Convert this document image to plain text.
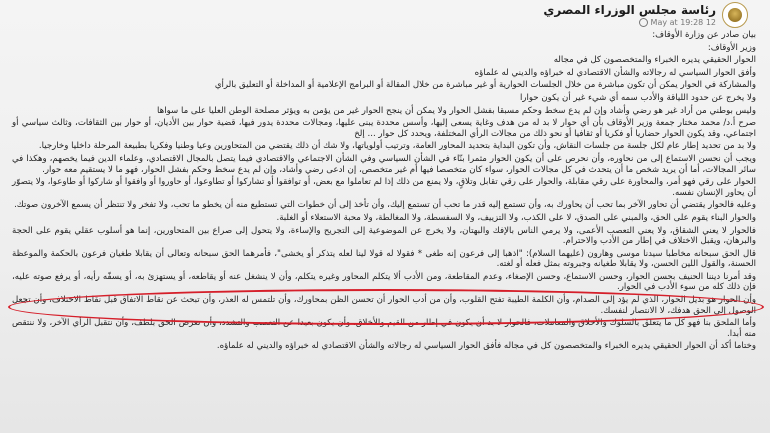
رئاسة مجلس الوزراء المصري
12 May at 19:28

بيان صادر عن وزارة الأوقاف:

وزير الأوقاف:

الحوار الحقيقي يديره الخبراء والمتخصصون كل في مجاله

وأفق الحوار السياسي له رجالاته والشأن الاقتصادي له خبراؤه والديني له علماؤه

والمشاركة في الحوار يمكن أن تكون مباشرة من خلال الجلسات الحوارية أو غير مباشرة من خلال المقالة أو البرامج الإعلامية أو المداخلة أو التعليق بالرأي

ولا يخرج عن حدود اللياقة والأدب سمه أي شيء غير أن يكون حوارا

وليس بوطني من أراد غير هو رضي وأشاد وإن لم يدع سخط وحكم مسبقا بفشل الحوار ولا يمكن أن ينجح الحوار غير من يؤمن به ويؤثر مصلحة الوطن العليا على ما سواها

صرح أ.د/ محمد مختار جمعة وزير الأوقاف بأن أي حوار لا بد له من هدف وغاية يسعى إليها، وأسس محددة يبنى عليها، ومجالات محددة يدور فيها، قضية حوار بين الأديان، أو حوار بين الثقافات، وثالث سياسي أو اجتماعي، وقد يكون الحوار حضاريا أو فكريا أو ثقافيا أو نحو ذلك من مجالات الرأي المختلفة، ويحدد كل حوار ... إلخ

ولا بد من تحديد إطار عام لكل جلسة من جلسات النقاش، وأن تكون البداية بتحديد المحاور العامة، وترتيب أولوياتها، ولا شك أن ذلك يقتضي من المتحاورين وعيا وطنيا وفكريا بطبيعة المرحلة داخليا وخارجيا.

ويجب أن نحسن الاستماع إلى من نحاوره، وأن نحرص على أن يكون الحوار مثمرا بنّاء في الشأن السياسي وفي الشأن الاجتماعي والاقتصادي فيما يتصل بالمجال الاقتصادي، وعلماء الدين فيما يخصهم، وهكذا في سائر المجالات، أما أن يريد شخص ما أن يتحدث في كل مجالات الحوار، سواء كان متخصصا فيها أم غير متخصص، إن ادعى رضي وأشاد، وإن لم يدع سخط وحكم بفشل الحوار، فهو ما لا يستقيم معه حوار.

الحوار على رقي فهو أمر، والمحاورة على رقي مقابلة، والحوار على رقي تقابل وتلاقٍ، ولا يمنع من ذلك إذا لم تعاملوا مع بعض، أو توافقوا أو تشاركوا أو تطاوعوا، أو حاوروا أو وافقوا أو شاركوا أو طاوعوا، ولا يتصوّر أن يحاور الإنسان نفسه.

وعليه فالحوار يقتضي أن تحاور الآخر بما تحب أن يحاورك به، وأن تستمع إليه قدر ما تحب أن تستمع إليك، وأن تأخذ إلى أن خطوات التي تستطيع منه أن يخطو ما تحب، ولا تفخر ولا تنتظر أن يسمع الآخرون صوتك.

والحوار البناء يقوم على الحق، والمبني على الصدق، لا على الكذب، ولا التزييف، ولا السفسطة، ولا المغالطة، ولا محبة الاستعلاء أو الغلبة.

فالحوار لا يعني الشقاق، ولا يعني التعصب الأعمى، ولا يرمي الناس بالإفك والبهتان، ولا يخرج عن الموضوعية إلى التجريح والإساءة، ولا يتحول إلى صراع بين المتحاورين، إنما هو أسلوب عقلي يقوم على الحجة والبرهان، ويقبل الاختلاف في إطار من الأدب والاحترام.

قال الحق سبحانه مخاطبا سيدنا موسى وهارون (عليهما السلام): "اذهبا إلى فرعون إنه طغى * فقولا له قولا لينا لعله يتذكر أو يخشى"، فأمرهما الحق سبحانه وتعالى أن يقابلا طغيان فرعون بالحكمة والموعظة الحسنة، والقول اللين الحسن، ولا يقابلا طغيانه وجبروته بمثل فعله أو لغته.

وقد أمرنا ديننا الحنيف بحسن الحوار، وحسن الاستماع، وحسن الإصغاء، وعدم المقاطعة، ومن الأدب ألا يتكلم المحاور وغيره يتكلم، وأن لا ينشغل عنه أو يقاطعه، أو يستهزئ به، أو يسفّه رأيه، أو يرفع صوته عليه، فإن ذلك كله من سوء الأدب في الحوار.

وأن الحوار هو بديل الحوار، الذي لم يؤد إلى الصدام، وأن الكلمة الطيبة تفتح القلوب، وأن من أدب الحوار أن تحسن الظن بمحاورك، وأن تلتمس له العذر، وأن تبحث عن نقاط الاتفاق قبل نقاط الاختلاف، وأن تجعل الوصول إلى الحق هدفك، لا الانتصار لنفسك.

وأما الملحق بنا فهو كل ما يتعلق بالسلوك والأخلاق والمعاملات، فالحوار لا بد أن يكون في إطار من القيم والأخلاق، وأن يكون بعيدا عن التعصب والتشدد، وأن نعرض الحق بلطف، وأن نتقبل الرأي الآخر، ولا ننتقص منه أبدا.

وختاما أكد أن الحوار الحقيقي يديره الخبراء والمتخصصون كل في مجاله فأفق الحوار السياسي له رجالاته والشأن الاقتصادي له خبراؤه والديني له علماؤه.
